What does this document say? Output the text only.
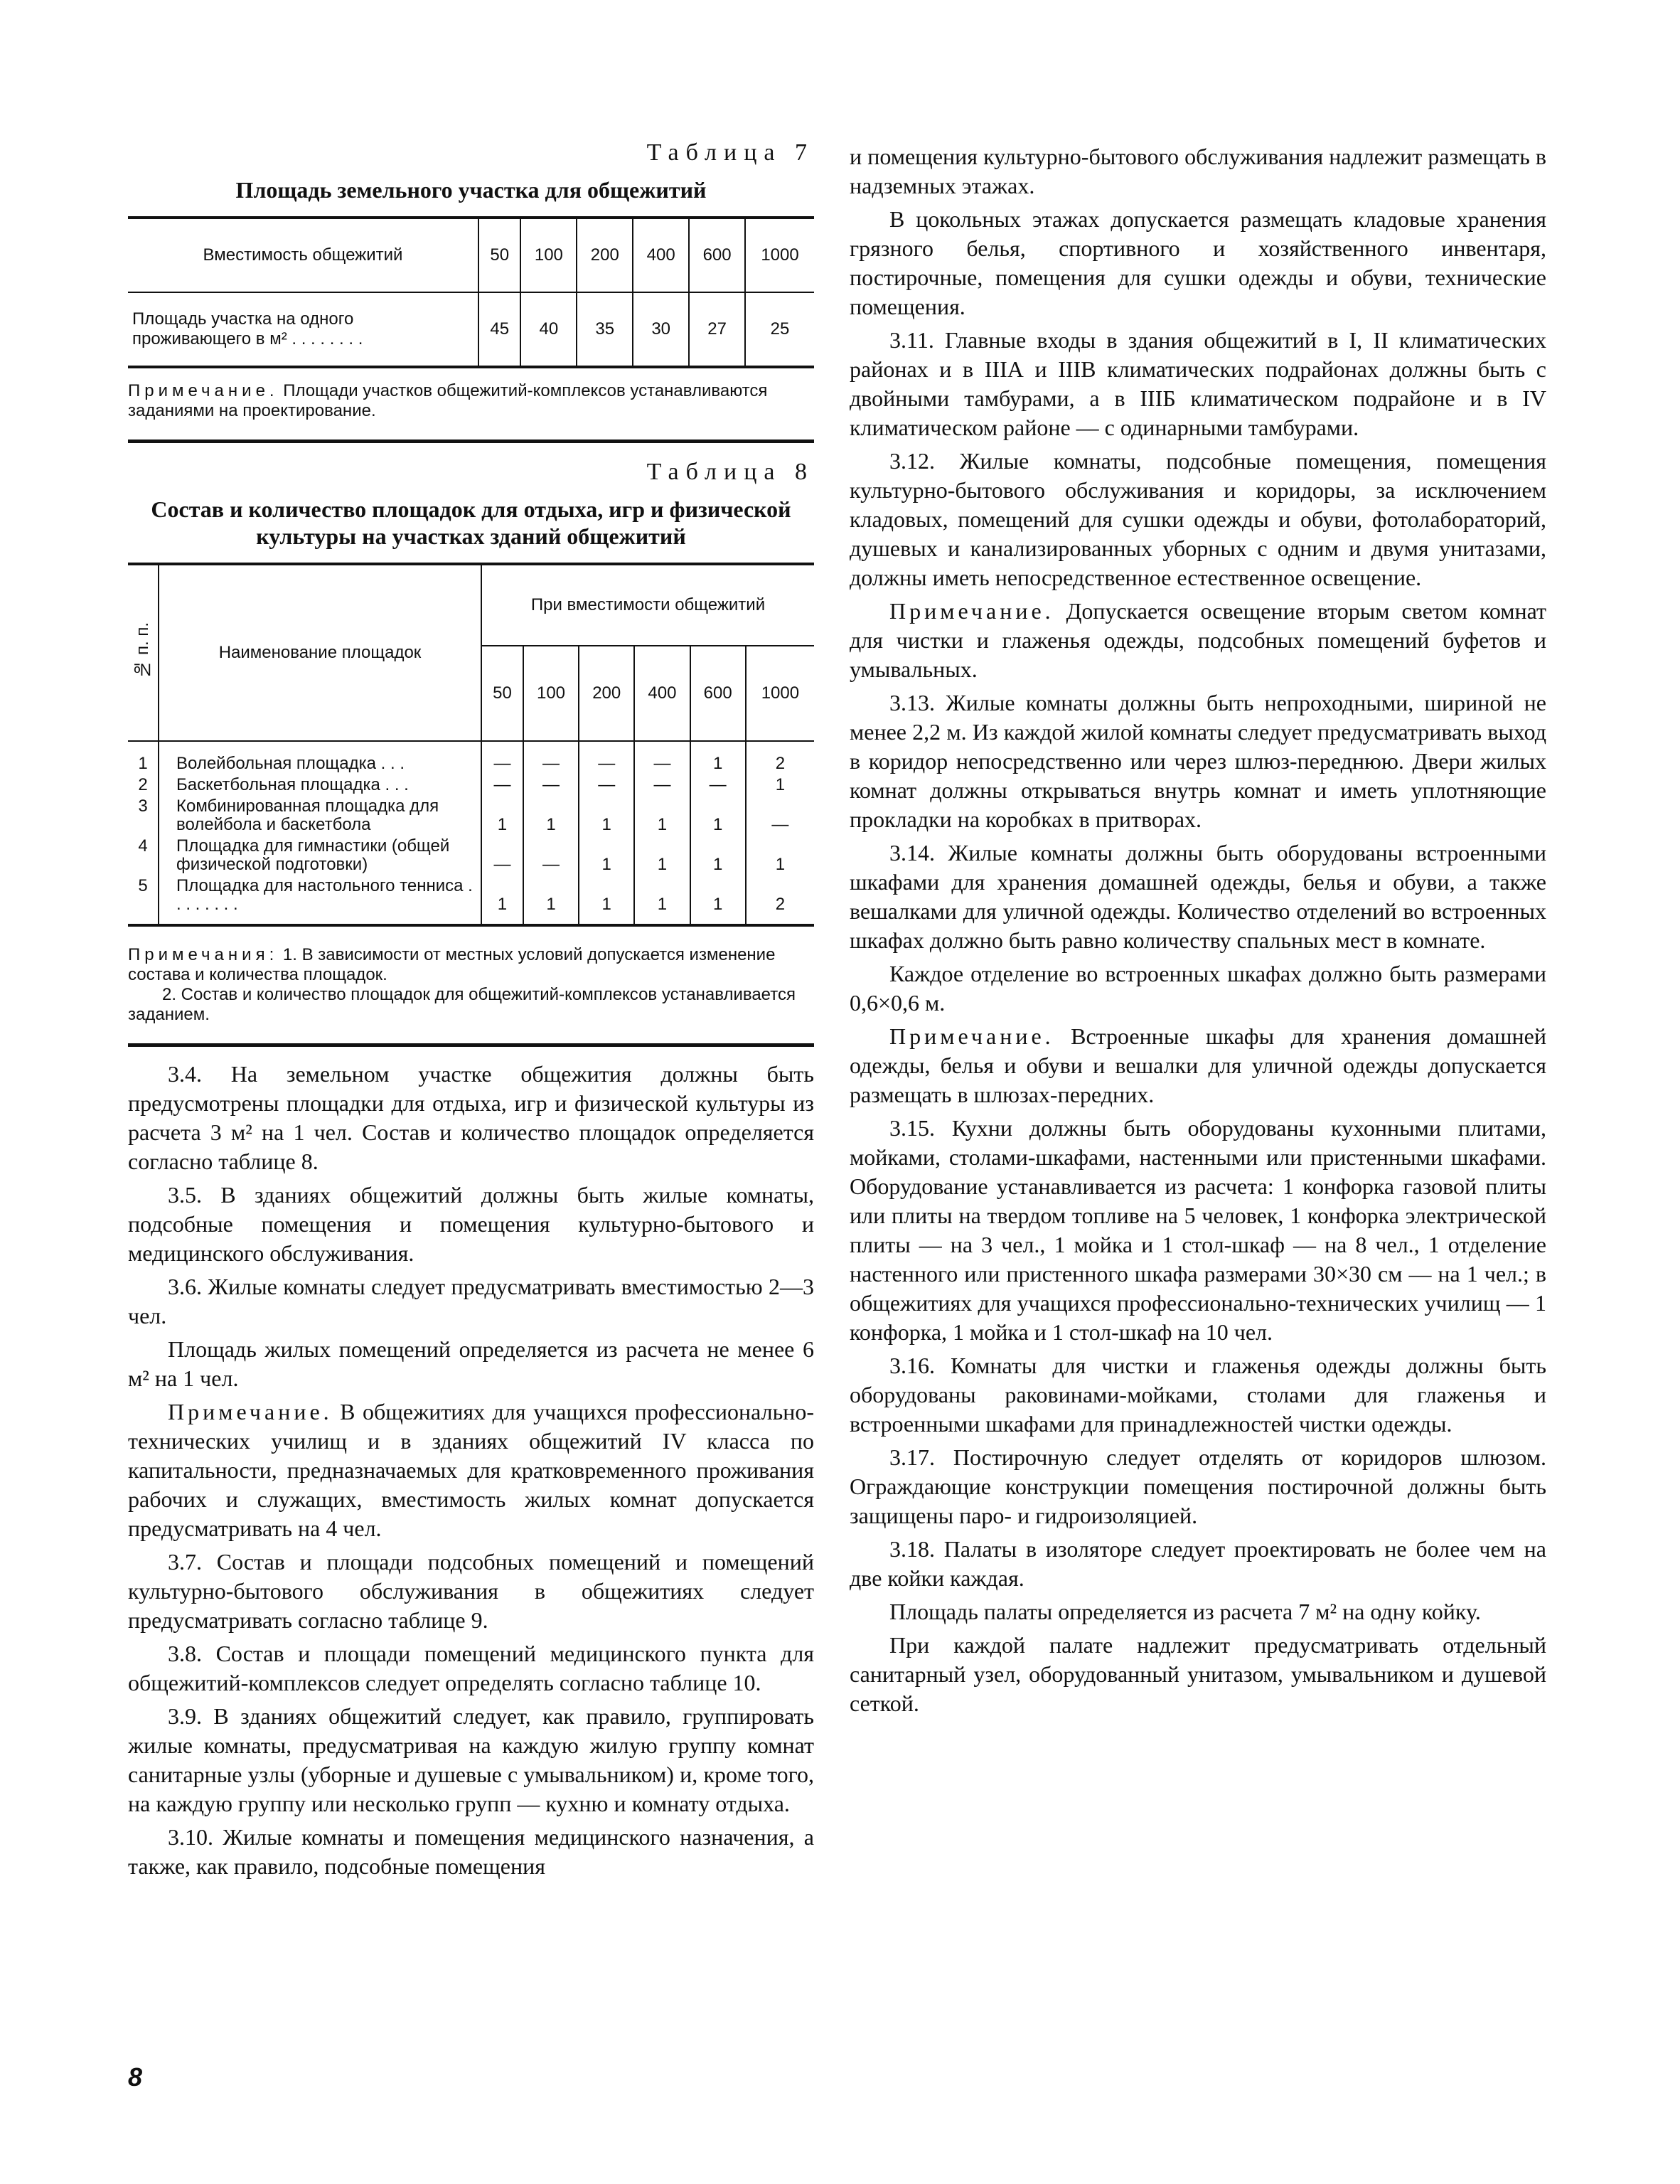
Таблица 7
Площадь земельного участка для общежитий
Вместимость общежитий	50	100	200	400	600	1000
Площадь участка на одного проживающего в м² . . . . . . . .	45	40	35	30	27	25

Примечание. Площади участков общежитий-комплексов устанавливаются заданиями на проектирование.

Таблица 8
Состав и количество площадок для отдыха, игр и физической культуры на участках зданий общежитий
№ п. п.	Наименование площадок	При вместимости общежитий					
		50	100	200	400	600	1000
1	Волейбольная площадка . . .	—	—	—	—	1	2
2	Баскетбольная площадка . . .	—	—	—	—	—	1
3	Комбинированная площадка для волейбола и баскетбола	1	1	1	1	1	—
4	Площадка для гимнастики (общей физической подготовки)	—	—	1	1	1	1
5	Площадка для настольного тенниса . . . . . . . .	1	1	1	1	1	2

Примечания: 1. В зависимости от местных условий допускается изменение состава и количества площадок.

2. Состав и количество площадок для общежитий-комплексов устанавливается заданием.

3.4. На земельном участке общежития должны быть предусмотрены площадки для отдыха, игр и физической культуры из расчета 3 м² на 1 чел. Состав и количество площадок определяется согласно таблице 8.

3.5. В зданиях общежитий должны быть жилые комнаты, подсобные помещения и помещения культурно-бытового и медицинского обслуживания.

3.6. Жилые комнаты следует предусматривать вместимостью 2—3 чел.

Площадь жилых помещений определяется из расчета не менее 6 м² на 1 чел.

Примечание. В общежитиях для учащихся профессионально-технических училищ и в зданиях общежитий IV класса по капитальности, предназначаемых для кратковременного проживания рабочих и служащих, вместимость жилых комнат допускается предусматривать на 4 чел.

3.7. Состав и площади подсобных помещений и помещений культурно-бытового обслуживания в общежитиях следует предусматривать согласно таблице 9.

3.8. Состав и площади помещений медицинского пункта для общежитий-комплексов следует определять согласно таблице 10.

3.9. В зданиях общежитий следует, как правило, группировать жилые комнаты, предусматривая на каждую жилую группу комнат санитарные узлы (уборные и душевые с умывальником) и, кроме того, на каждую группу или несколько групп — кухню и комнату отдыха.

3.10. Жилые комнаты и помещения медицинского назначения, а также, как правило, подсобные помещения

и помещения культурно-бытового обслуживания надлежит размещать в надземных этажах.

В цокольных этажах допускается размещать кладовые хранения грязного белья, спортивного и хозяйственного инвентаря, постирочные, помещения для сушки одежды и обуви, технические помещения.

3.11. Главные входы в здания общежитий в I, II климатических районах и в IIIА и IIIВ климатических подрайонах должны быть с двойными тамбурами, а в IIIБ климатическом подрайоне и в IV климатическом районе — с одинарными тамбурами.

3.12. Жилые комнаты, подсобные помещения, помещения культурно-бытового обслуживания и коридоры, за исключением кладовых, помещений для сушки одежды и обуви, фотолабораторий, душевых и канализированных уборных с одним и двумя унитазами, должны иметь непосредственное естественное освещение.

Примечание. Допускается освещение вторым светом комнат для чистки и глаженья одежды, подсобных помещений буфетов и умывальных.

3.13. Жилые комнаты должны быть непроходными, шириной не менее 2,2 м. Из каждой жилой комнаты следует предусматривать выход в коридор непосредственно или через шлюз-переднюю. Двери жилых комнат должны открываться внутрь комнат и иметь уплотняющие прокладки на коробках в притворах.

3.14. Жилые комнаты должны быть оборудованы встроенными шкафами для хранения домашней одежды, белья и обуви, а также вешалками для уличной одежды. Количество отделений во встроенных шкафах должно быть равно количеству спальных мест в комнате.

Каждое отделение во встроенных шкафах должно быть размерами 0,6×0,6 м.

Примечание. Встроенные шкафы для хранения домашней одежды, белья и обуви и вешалки для уличной одежды допускается размещать в шлюзах-передних.

3.15. Кухни должны быть оборудованы кухонными плитами, мойками, столами-шкафами, настенными или пристенными шкафами. Оборудование устанавливается из расчета: 1 конфорка газовой плиты или плиты на твердом топливе на 5 человек, 1 конфорка электрической плиты — на 3 чел., 1 мойка и 1 стол-шкаф — на 8 чел., 1 отделение настенного или пристенного шкафа размерами 30×30 см — на 1 чел.; в общежитиях для учащихся профессионально-технических училищ — 1 конфорка, 1 мойка и 1 стол-шкаф на 10 чел.

3.16. Комнаты для чистки и глаженья одежды должны быть оборудованы раковинами-мойками, столами для глаженья и встроенными шкафами для принадлежностей чистки одежды.

3.17. Постирочную следует отделять от коридоров шлюзом. Ограждающие конструкции помещения постирочной должны быть защищены паро- и гидроизоляцией.

3.18. Палаты в изоляторе следует проектировать не более чем на две койки каждая.

Площадь палаты определяется из расчета 7 м² на одну койку.

При каждой палате надлежит предусматривать отдельный санитарный узел, оборудованный унитазом, умывальником и душевой сеткой.

8
